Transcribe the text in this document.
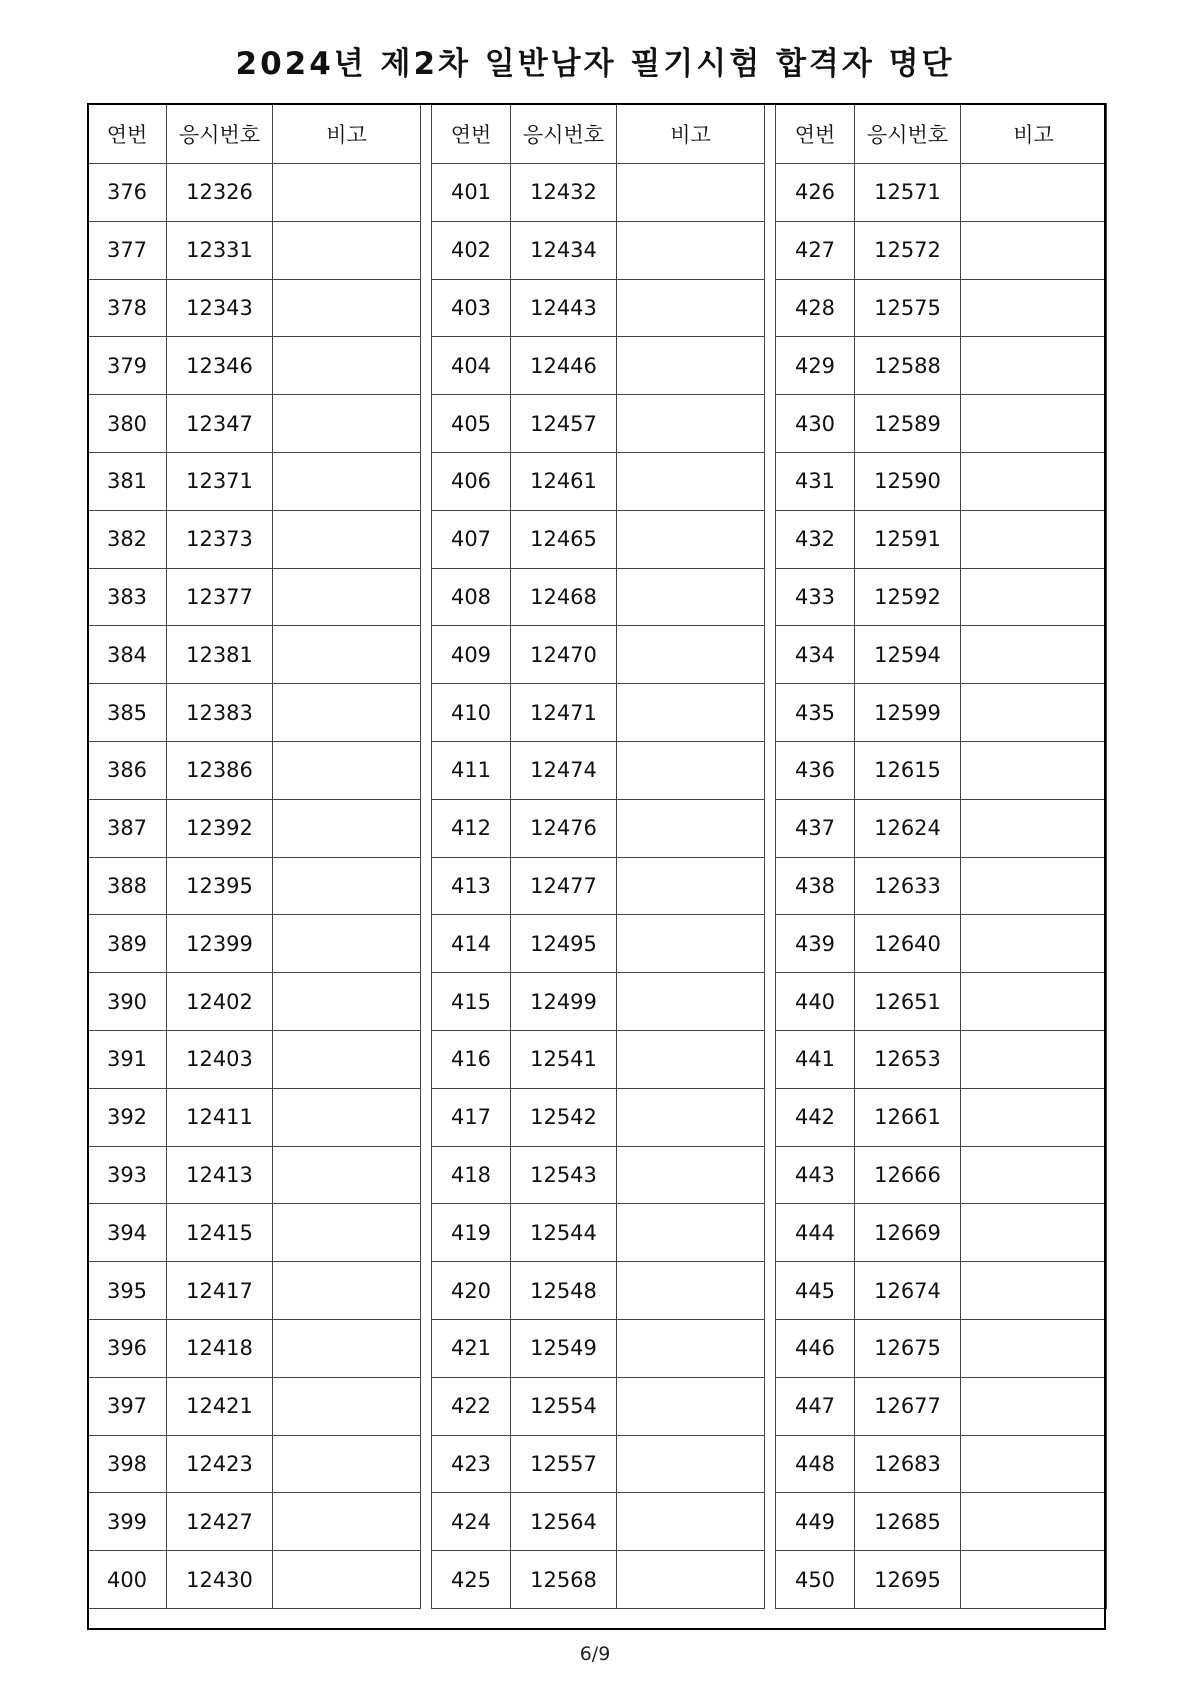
2024년 제2차 일반남자 필기시험 합격자 명단
연번	응시번호	비고		연번	응시번호	비고		연번	응시번호	비고
376	12326			401	12432			426	12571	
377	12331			402	12434			427	12572	
378	12343			403	12443			428	12575	
379	12346			404	12446			429	12588	
380	12347			405	12457			430	12589	
381	12371			406	12461			431	12590	
382	12373			407	12465			432	12591	
383	12377			408	12468			433	12592	
384	12381			409	12470			434	12594	
385	12383			410	12471			435	12599	
386	12386			411	12474			436	12615	
387	12392			412	12476			437	12624	
388	12395			413	12477			438	12633	
389	12399			414	12495			439	12640	
390	12402			415	12499			440	12651	
391	12403			416	12541			441	12653	
392	12411			417	12542			442	12661	
393	12413			418	12543			443	12666	
394	12415			419	12544			444	12669	
395	12417			420	12548			445	12674	
396	12418			421	12549			446	12675	
397	12421			422	12554			447	12677	
398	12423			423	12557			448	12683	
399	12427			424	12564			449	12685	
400	12430			425	12568			450	12695	
6/9
